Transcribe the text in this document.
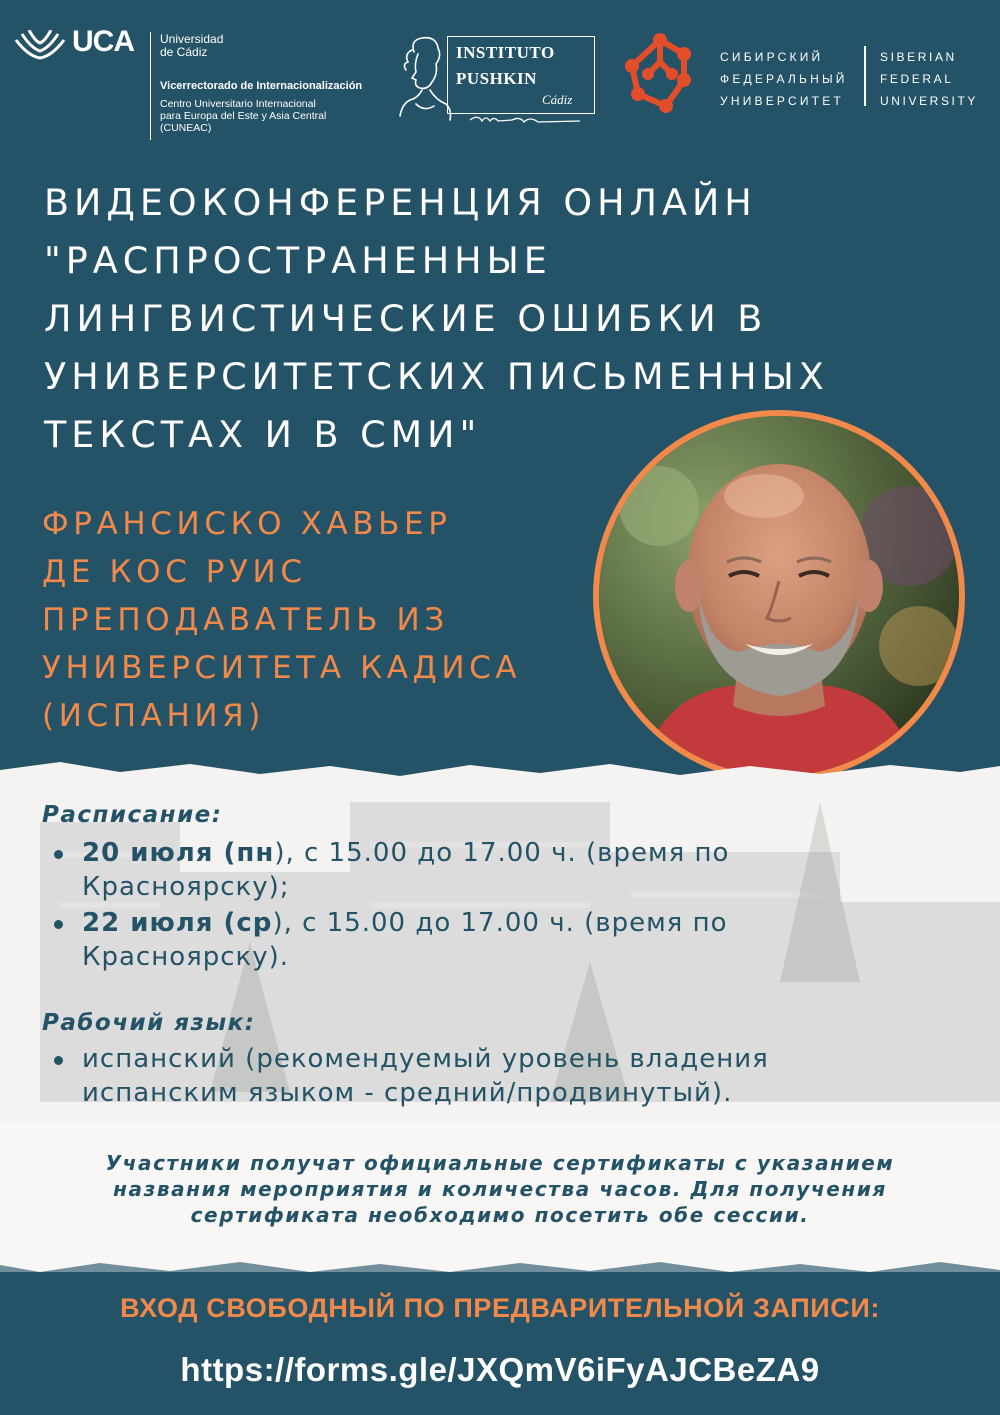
UCA Universidad
de Cádiz
Vicerrectorado de Internacionalización
Centro Universitario Internacional
para Europa del Este y Asia Central
(CUNEAC)
INSTITUTO
PUSHKIN
Cádiz
СИБИРСКИЙ
ФЕДЕРАЛЬНЫЙ
УНИВЕРСИТЕТ
SIBERIAN
FEDERAL
UNIVERSITY
ВИДЕОКОНФЕРЕНЦИЯ ОНЛАЙН
"РАСПРОСТРАНЕННЫЕ
ЛИНГВИСТИЧЕСКИЕ ОШИБКИ В
УНИВЕРСИТЕТСКИХ ПИСЬМЕННЫХ
ТЕКСТАХ И В СМИ"
ФРАНСИСКО ХАВЬЕР
ДЕ КОС РУИС
ПРЕПОДАВАТЕЛЬ ИЗ
УНИВЕРСИТЕТА КАДИСА
(ИСПАНИЯ)
Расписание:
20 июля (пн), с 15.00 до 17.00 ч. (время по
Красноярску);
22 июля (ср), с 15.00 до 17.00 ч. (время по
Красноярску).
Рабочий язык:
испанский (рекомендуемый уровень владения
испанским языком - средний/продвинутый).
Участники получат официальные сертификаты с указанием
названия мероприятия и количества часов. Для получения
сертификата необходимо посетить обе сессии.
ВХОД СВОБОДНЫЙ ПО ПРЕДВАРИТЕЛЬНОЙ ЗАПИСИ:
https://forms.gle/JXQmV6iFyAJCBeZA9
